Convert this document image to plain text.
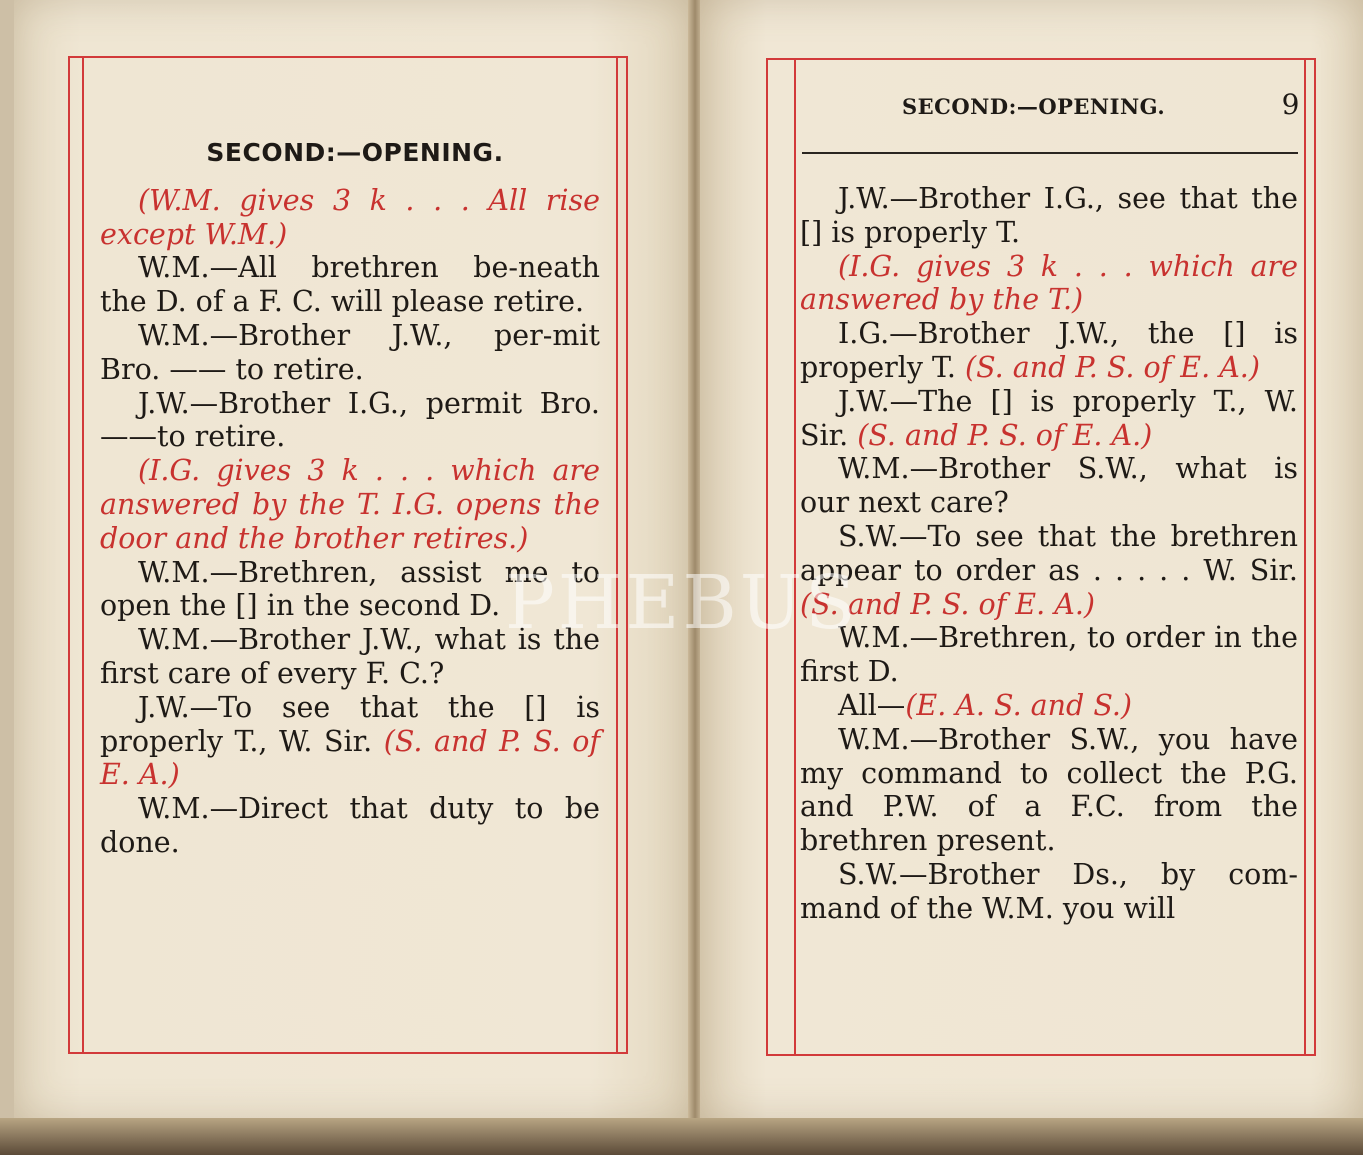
SECOND:—OPENING.

(W.M. gives 3 k . . . All rise except W.M.)

W.M.—All brethren be-neath the D. of a F. C. will please retire.

W.M.—Brother J.W., per-mit Bro. —— to retire.

J.W.—Brother I.G., permit Bro. ——to retire.

(I.G. gives 3 k . . . which are answered by the T. I.G. opens the door and the brother retires.)

W.M.—Brethren, assist me to open the [] in the second D.

W.M.—Brother J.W., what is the first care of every F. C.?

J.W.—To see that the [] is properly T., W. Sir. (S. and P. S. of E. A.)

W.M.—Direct that duty to be done.

SECOND:—OPENING.	9

J.W.—Brother I.G., see that the [] is properly T.

(I.G. gives 3 k . . . which are answered by the T.)

I.G.—Brother J.W., the [] is properly T. (S. and P. S. of E. A.)

J.W.—The [] is properly T., W. Sir. (S. and P. S. of E. A.)

W.M.—Brother S.W., what is our next care?

S.W.—To see that the brethren appear to order as . . . . . W. Sir. (S. and P. S. of E. A.)

W.M.—Brethren, to order in the first D.

All—(E. A. S. and S.)

W.M.—Brother S.W., you have my command to collect the P.G. and P.W. of a F.C. from the brethren present.

S.W.—Brother Ds., by com-mand of the W.M. you will

PHEBUS
